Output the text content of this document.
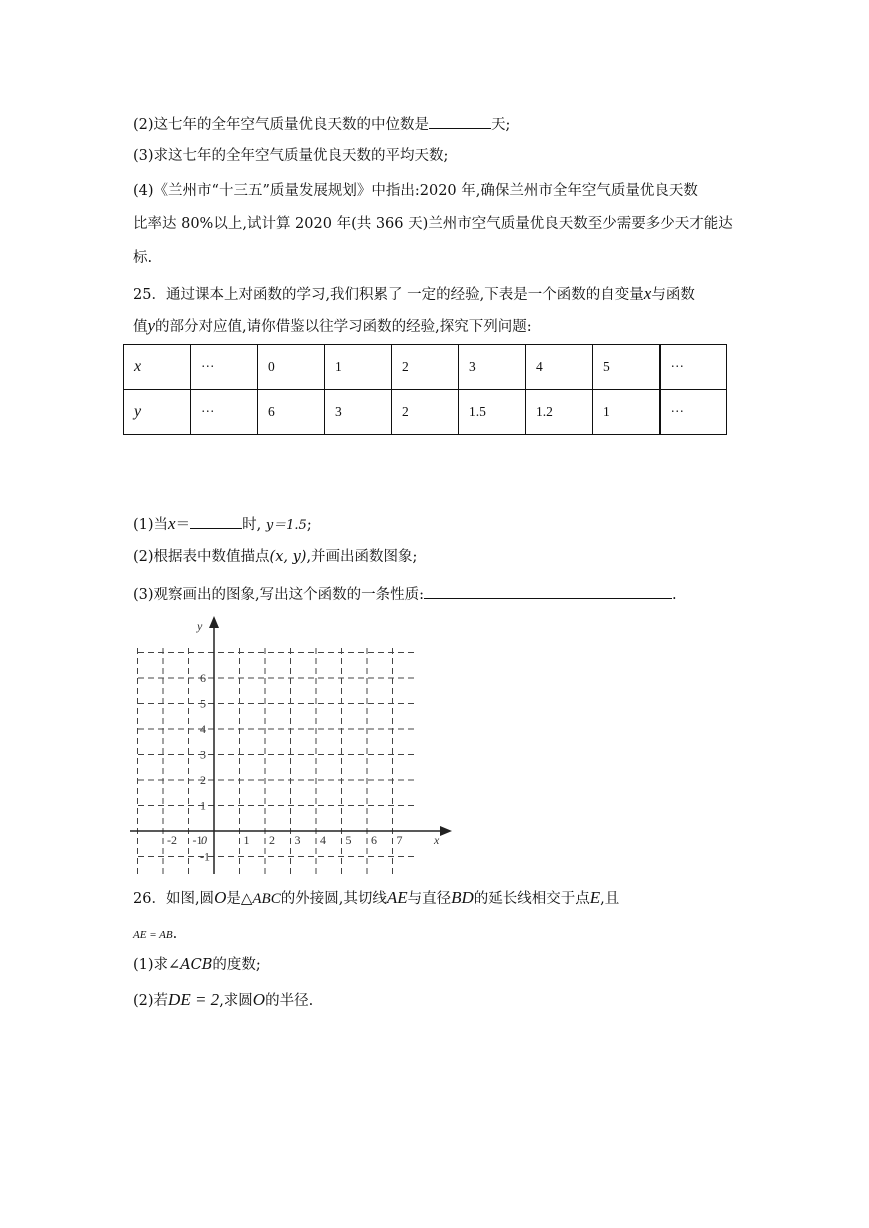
(2)这七年的全年空气质量优良天数的中位数是	天;
(3)求这七年的全年空气质量优良天数的平均天数;
(4)《兰州市“十三五”质量发展规划》中指出:2020 年,确保兰州市全年空气质量优良天数
比率达 80%以上,试计算 2020 年(共 366 天)兰州市空气质量优良天数至少需要多少天才能达
标.
25．通过课本上对函数的学习,我们积累了 一定的经验,下表是一个函数的自变量x与函数
值y的部分对应值,请你借鉴以往学习函数的经验,探究下列问题:
x	···	0	1	2	3	4	5	···
y	···	6	3	2	1.5	1.2	1	···
(1)当x＝	时, y＝1.5;
(2)根据表中数值描点(x, y),并画出函数图象;
(3)观察画出的图象,写出这个函数的一条性质:	.
y
x
-2 -1
0	1 2 3 4 5 6 7
6
5
4
3
2
1
-1
26．如图,圆O是△ABC的外接圆,其切线AE与直径BD的延长线相交于点E,且
AE = AB.
(1)求∠ACB的度数;
(2)若DE = 2,求圆O的半径.
